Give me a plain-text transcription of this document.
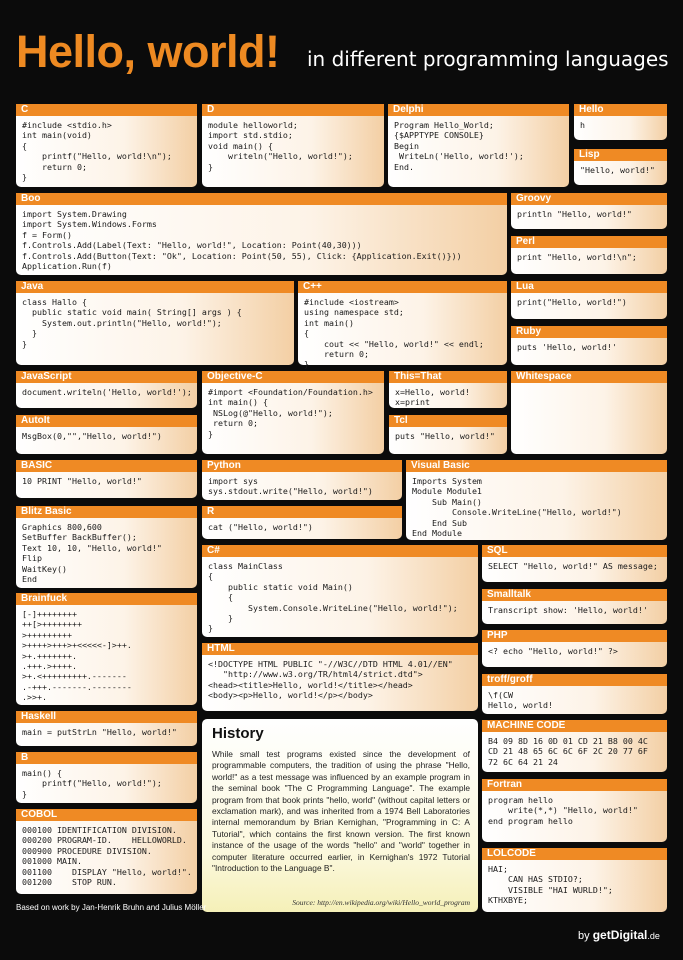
Hello, world! in different programming languages
C
#include <stdio.h>
int main(void)
{
printf("Hello, world!\n");
return 0;
}
D
module helloworld;
import std.stdio;
void main() {
writeln("Hello, world!");
}
Delphi
Program Hello_World;
{$APPTYPE CONSOLE}
Begin
WriteLn('Hello, world!');
End.
Hello
h
Lisp
"Hello, world!"
Boo
import System.Drawing
import System.Windows.Forms
f = Form()
f.Controls.Add(Label(Text: "Hello, world!", Location: Point(40,30)))
f.Controls.Add(Button(Text: "Ok", Location: Point(50, 55), Click: {Application.Exit()}))
Application.Run(f)
Groovy
println "Hello, world!"
Perl
print "Hello, world!\n";
Java
class Hallo {
public static void main( String[] args ) {
System.out.println("Hello, world!");
}
}
C++
#include <iostream>
using namespace std;
int main()
{
cout << "Hello, world!" << endl;
return 0;
}
Lua
print("Hello, world!")
Ruby
puts 'Hello, world!'
JavaScript
document.writeln('Hello, world!');
Objective-C
#import <Foundation/Foundation.h>
int main() {
NSLog(@"Hello, world!");
return 0;
}
This=That
x=Hello, world!
x=print
Whitespace
AutoIt
MsgBox(0,"","Hello, world!")
Tcl
puts "Hello, world!"
BASIC
10 PRINT "Hello, world!"
Python
import sys
sys.stdout.write("Hello, world!")
Visual Basic
Imports System
Module Module1
Sub Main()
Console.WriteLine("Hello, world!")
End Sub
End Module
Blitz Basic
Graphics 800,600
SetBuffer BackBuffer();
Text 10, 10, "Hello, world!"
Flip
WaitKey()
End
R
cat ("Hello, world!")
C#
class MainClass
{
public static void Main()
{
System.Console.WriteLine("Hello, world!");
}
}
SQL
SELECT "Hello, world!" AS message;
Brainfuck
[-]++++++++
++[>++++++++
>+++++++++
>++++>+++>+<<<<<-]>++.
>+.+++++++.
.+++.>++++.
>+.<+++++++++.-------
.-+++.-------.--------
.>>+.
Smalltalk
Transcript show: 'Hello, world!'
PHP
<? echo "Hello, world!" ?>
HTML
<!DOCTYPE HTML PUBLIC "-//W3C//DTD HTML 4.01//EN"
"http://www.w3.org/TR/html4/strict.dtd">
<head><title>Hello, world!</title></head>
<body><p>Hello, world!</p></body>
troff/groff
\f(CW
Hello, world!
Haskell
main = putStrLn "Hello, world!"
MACHINE CODE
B4 09 8D 16 0D 01 CD 21 B8 00 4C
CD 21 48 65 6C 6C 6F 2C 20 77 6F
72 6C 64 21 24
B
main() {
printf("Hello, world!");
}
Fortran
program hello
write(*,*) "Hello, world!"
end program hello
COBOL
000100 IDENTIFICATION DIVISION.
000200 PROGRAM-ID.    HELLOWORLD.
000900 PROCEDURE DIVISION.
001000 MAIN.
001100    DISPLAY "Hello, world!".
001200    STOP RUN.
LOLCODE
HAI;
CAN HAS STDIO?;
VISIBLE "HAI WURLD!";
KTHXBYE;
History

While small test programs existed since the development of programmable computers, the tradition of using the phrase "Hello, world!" as a test message was influenced by an example program in the seminal book "The C Programming Language". The example program from that book prints "hello, world" (without capital letters or exclamation mark), and was inherited from a 1974 Bell Laboratories internal memorandum by Brian Kernighan, "Programming in C: A Tutorial", which contains the first known version. The first known instance of the usage of the words "hello" and "world" together in computer literature occurred earlier, in Kernighan's 1972 Tutorial "Introduction to the Language B".

Source: http://en.wikipedia.org/wiki/Hello_world_program
Based on work by Jan-Henrik Bruhn and Julius Möller
by getDigital.de
